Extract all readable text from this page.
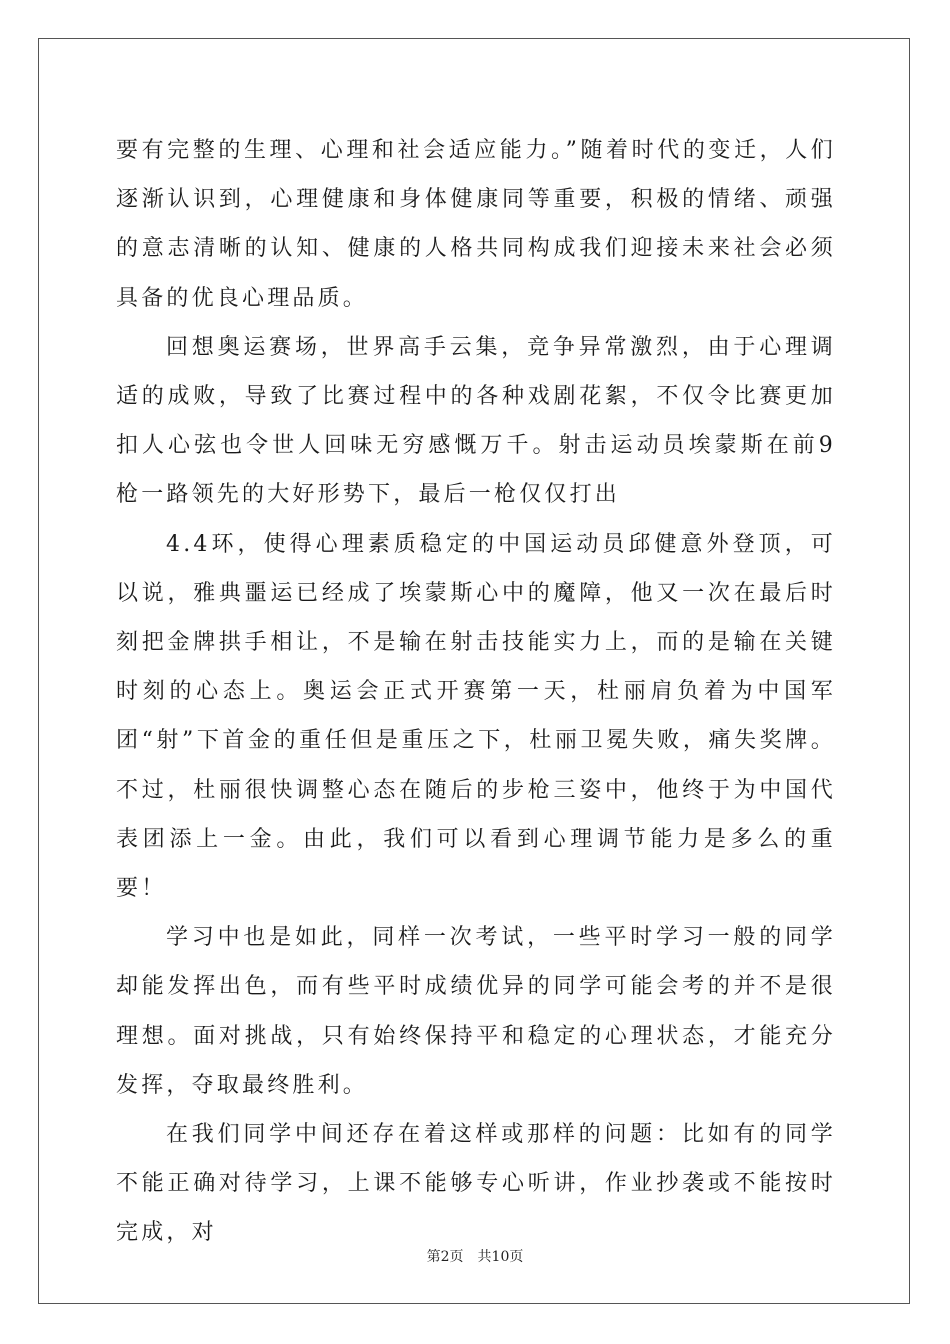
要有完整的生理、心理和社会适应能力。”随着时代的变迁，人们逐渐认识到，心理健康和身体健康同等重要，积极的情绪、顽强的意志清晰的认知、健康的人格共同构成我们迎接未来社会必须具备的优良心理品质。

回想奥运赛场，世界高手云集，竞争异常激烈，由于心理调适的成败，导致了比赛过程中的各种戏剧花絮，不仅令比赛更加扣人心弦也令世人回味无穷感慨万千。射击运动员埃蒙斯在前9枪一路领先的大好形势下，最后一枪仅仅打出

4.4环，使得心理素质稳定的中国运动员邱健意外登顶，可以说，雅典噩运已经成了埃蒙斯心中的魔障，他又一次在最后时刻把金牌拱手相让，不是输在射击技能实力上，而的是输在关键时刻的心态上。奥运会正式开赛第一天，杜丽肩负着为中国军团“射”下首金的重任但是重压之下，杜丽卫冕失败，痛失奖牌。不过，杜丽很快调整心态在随后的步枪三姿中，他终于为中国代表团添上一金。由此，我们可以看到心理调节能力是多么的重要！

学习中也是如此，同样一次考试，一些平时学习一般的同学却能发挥出色，而有些平时成绩优异的同学可能会考的并不是很理想。面对挑战，只有始终保持平和稳定的心理状态，才能充分发挥，夺取最终胜利。

在我们同学中间还存在着这样或那样的问题：比如有的同学不能正确对待学习，上课不能够专心听讲，作业抄袭或不能按时完成，对

第2页 共10页
